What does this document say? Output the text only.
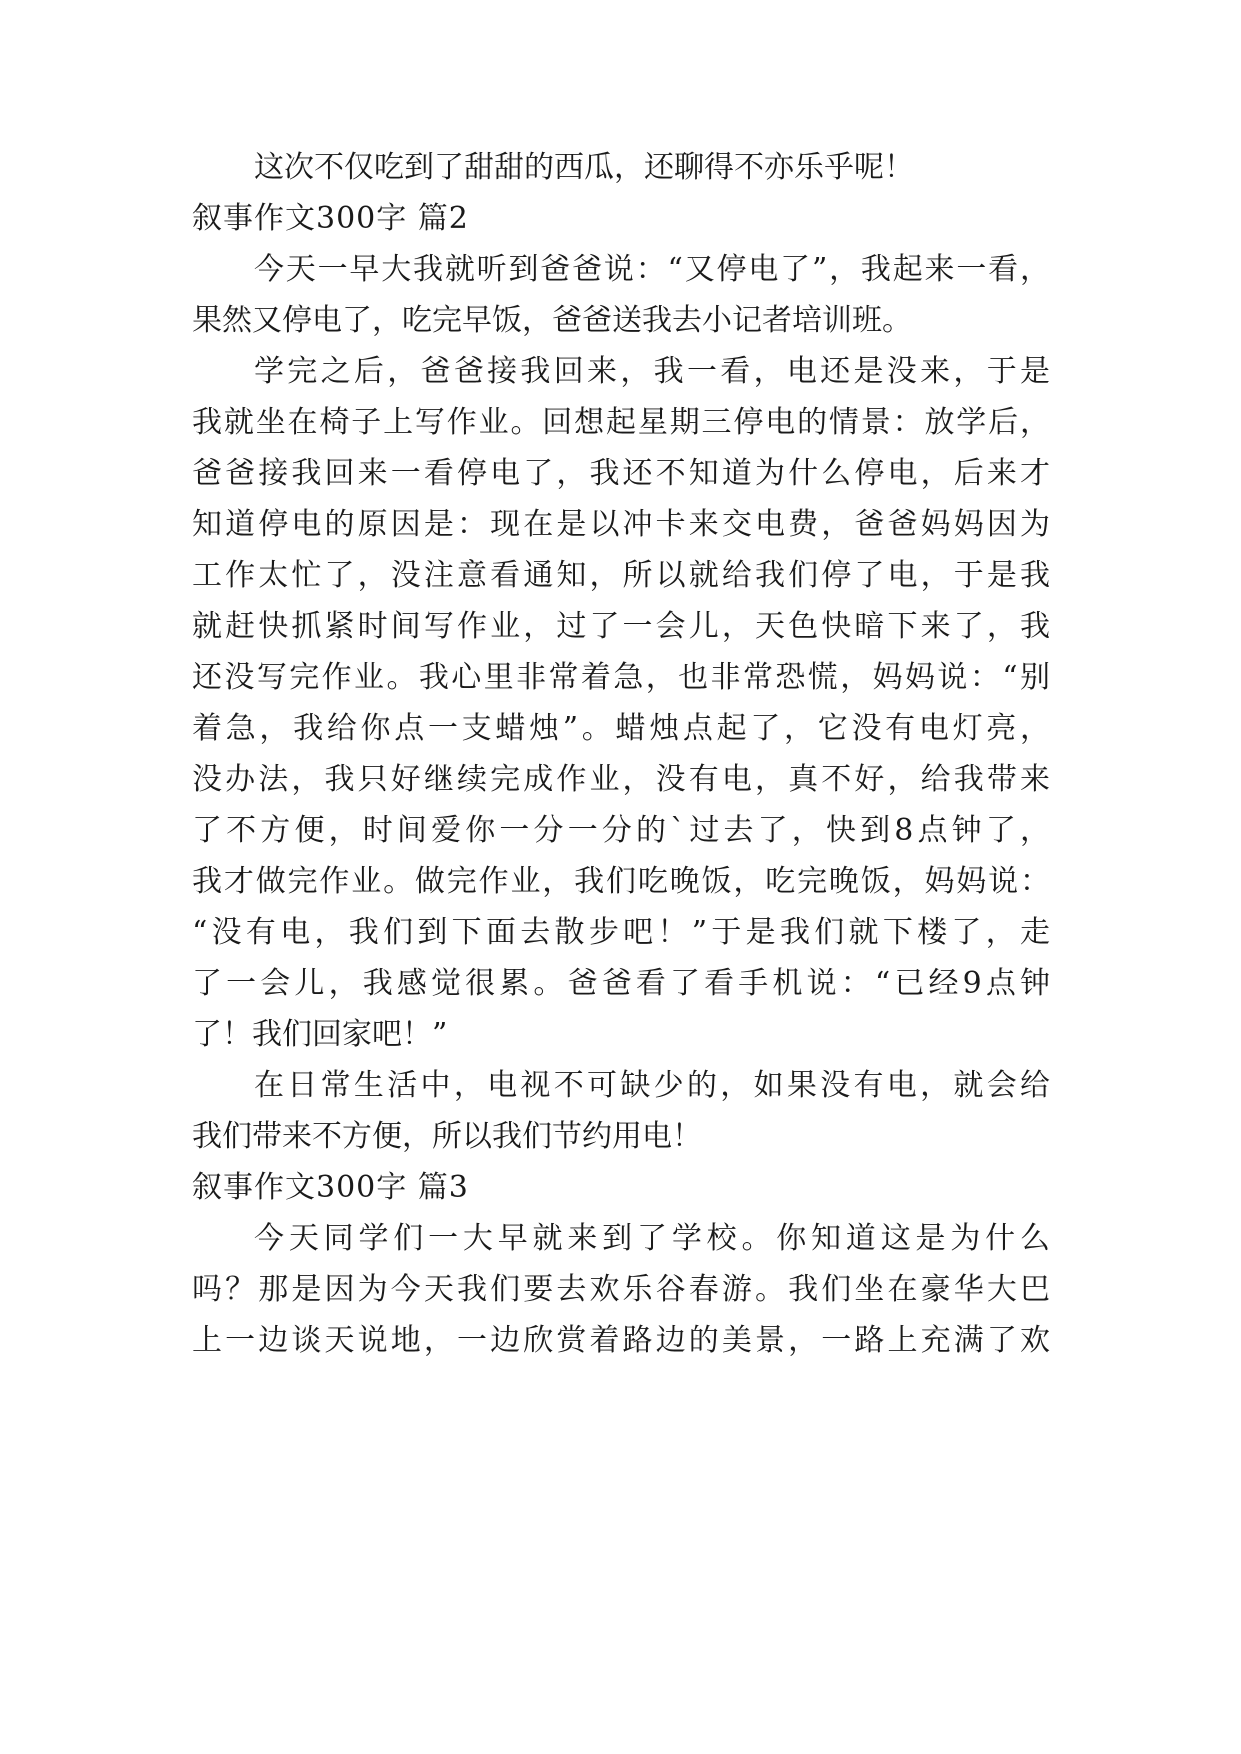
这次不仅吃到了甜甜的西瓜，还聊得不亦乐乎呢！
叙事作文300字 篇2
今天一早大我就听到爸爸说：“又停电了”，我起来一看，
果然又停电了，吃完早饭，爸爸送我去小记者培训班。
学完之后，爸爸接我回来，我一看，电还是没来，于是
我就坐在椅子上写作业。回想起星期三停电的情景：放学后，
爸爸接我回来一看停电了，我还不知道为什么停电，后来才
知道停电的原因是：现在是以冲卡来交电费，爸爸妈妈因为
工作太忙了，没注意看通知，所以就给我们停了电，于是我
就赶快抓紧时间写作业，过了一会儿，天色快暗下来了，我
还没写完作业。我心里非常着急，也非常恐慌，妈妈说：“别
着急，我给你点一支蜡烛”。蜡烛点起了，它没有电灯亮，
没办法，我只好继续完成作业，没有电，真不好，给我带来
了不方便，时间爱你一分一分的`过去了，快到8点钟了，
我才做完作业。做完作业，我们吃晚饭，吃完晚饭，妈妈说：
“没有电，我们到下面去散步吧！”于是我们就下楼了，走
了一会儿，我感觉很累。爸爸看了看手机说：“已经9点钟
了！我们回家吧！”
在日常生活中，电视不可缺少的，如果没有电，就会给
我们带来不方便，所以我们节约用电！
叙事作文300字 篇3
今天同学们一大早就来到了学校。你知道这是为什么
吗？那是因为今天我们要去欢乐谷春游。我们坐在豪华大巴
上一边谈天说地，一边欣赏着路边的美景，一路上充满了欢
